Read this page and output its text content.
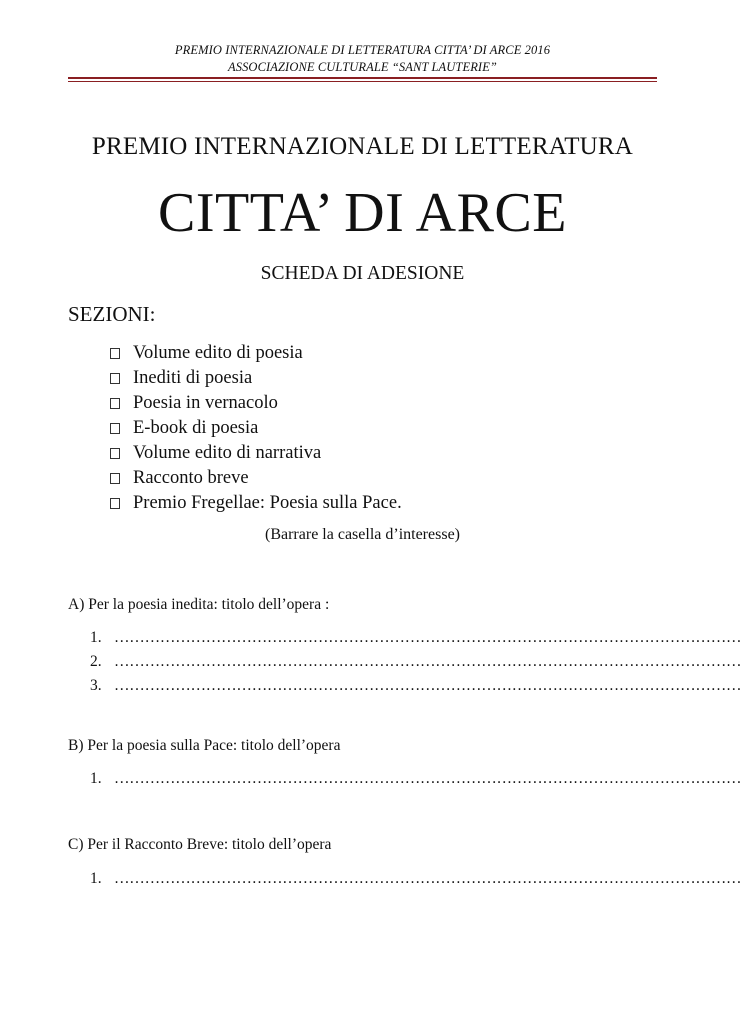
PREMIO INTERNAZIONALE DI LETTERATURA CITTA’ DI ARCE 2016
ASSOCIAZIONE CULTURALE “SANT LAUTERIE”
PREMIO INTERNAZIONALE DI LETTERATURA
CITTA’ DI ARCE
SCHEDA DI ADESIONE
SEZIONI:
Volume edito di poesia
Inediti di poesia
Poesia in vernacolo
E-book di poesia
Volume edito di narrativa
Racconto breve
Premio Fregellae: Poesia sulla Pace.
(Barrare la casella d’interesse)
A) Per la poesia inedita: titolo dell’opera :
1. ……………………………………………………………………………………………………………
2. ……………………………………………………………………………………………………………
3. ……………………………………………………………………………………………………………
B) Per la poesia sulla Pace: titolo dell’opera
1. ……………………………………………………………………………………………………………
C) Per il Racconto Breve: titolo dell’opera
1. ……………………………………………………………………………………………………………
